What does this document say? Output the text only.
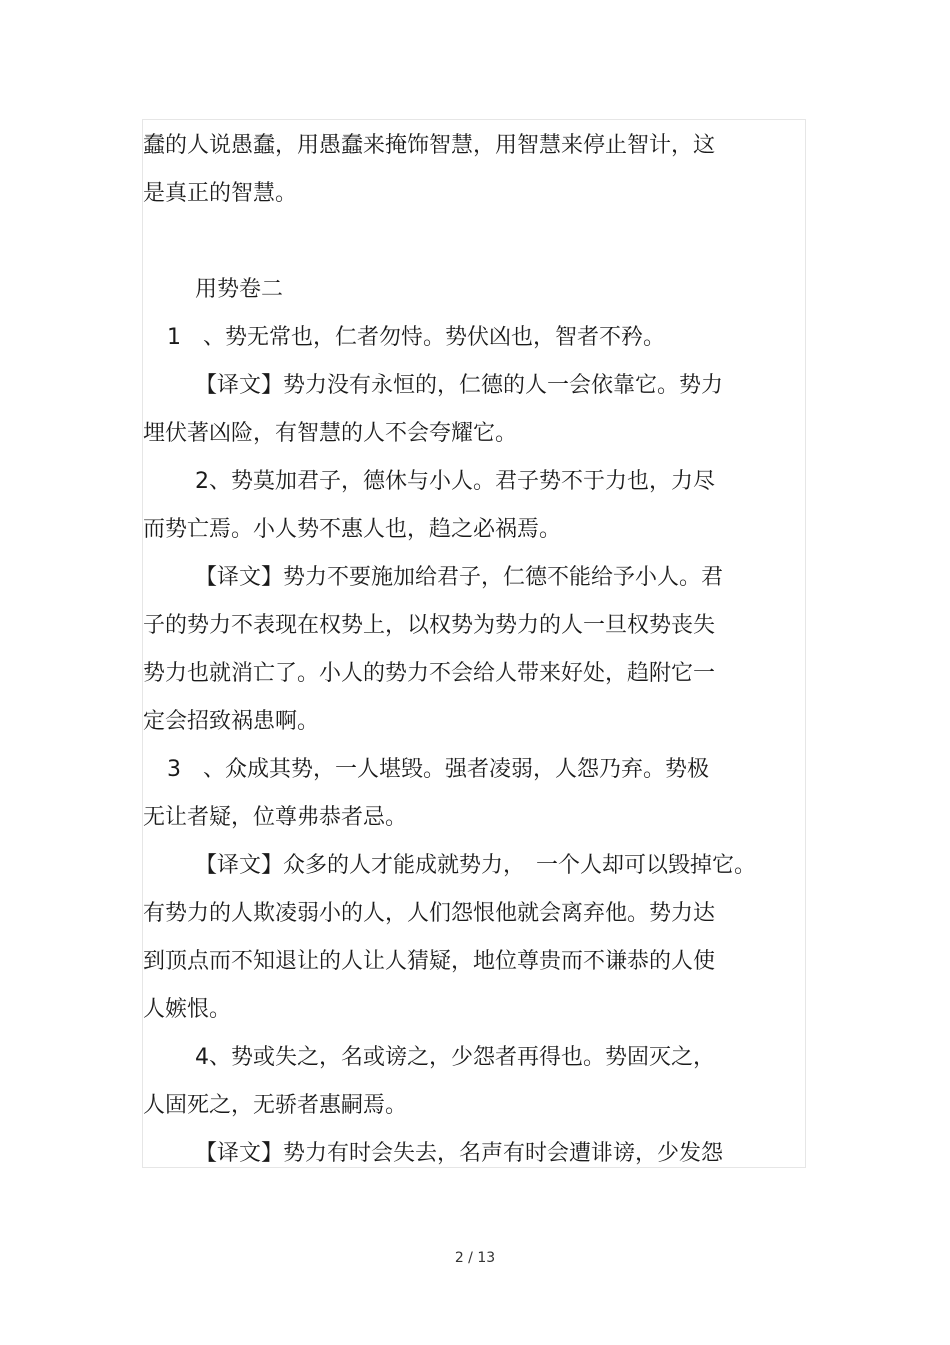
蠢的人说愚蠢，用愚蠢来掩饰智慧，用智慧来停止智计，这
是真正的智慧。
用势卷二
1　、势无常也，仁者勿恃。势伏凶也，智者不矜。
【译文】势力没有永恒的，仁德的人一会依靠它。势力
埋伏著凶险，有智慧的人不会夸耀它。
2、势莫加君子，德休与小人。君子势不于力也，力尽
而势亡焉。小人势不惠人也，趋之必祸焉。
【译文】势力不要施加给君子，仁德不能给予小人。君
子的势力不表现在权势上，以权势为势力的人一旦权势丧失
势力也就消亡了。小人的势力不会给人带来好处，趋附它一
定会招致祸患啊。
3　、众成其势，一人堪毁。强者凌弱，人怨乃弃。势极
无让者疑，位尊弗恭者忌。
【译文】众多的人才能成就势力，　一个人却可以毁掉它。
有势力的人欺凌弱小的人，人们怨恨他就会离弃他。势力达
到顶点而不知退让的人让人猜疑，地位尊贵而不谦恭的人使
人嫉恨。
4、势或失之，名或谤之，少怨者再得也。势固灭之，
人固死之，无骄者惠嗣焉。
【译文】势力有时会失去，名声有时会遭诽谤，少发怨
2 / 13
